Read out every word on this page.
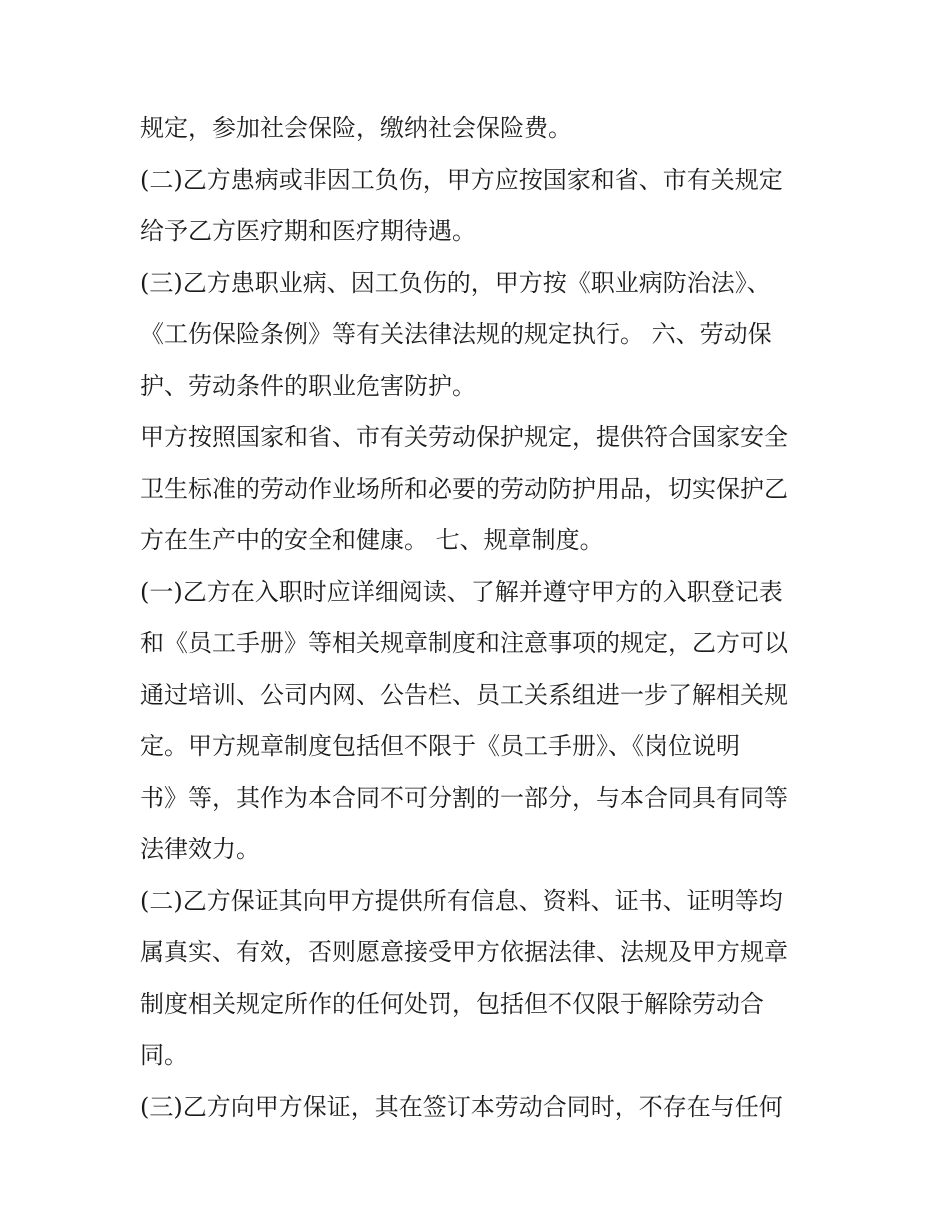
规定，参加社会保险，缴纳社会保险费。
(二)乙方患病或非因工负伤，甲方应按国家和省、市有关规定
给予乙方医疗期和医疗期待遇。
(三)乙方患职业病、因工负伤的，甲方按《职业病防治法》、
《工伤保险条例》等有关法律法规的规定执行。 六、劳动保
护、劳动条件的职业危害防护。
甲方按照国家和省、市有关劳动保护规定，提供符合国家安全
卫生标准的劳动作业场所和必要的劳动防护用品，切实保护乙
方在生产中的安全和健康。 七、规章制度。
(一)乙方在入职时应详细阅读、了解并遵守甲方的入职登记表
和《员工手册》等相关规章制度和注意事项的规定，乙方可以
通过培训、公司内网、公告栏、员工关系组进一步了解相关规
定。甲方规章制度包括但不限于《员工手册》、《岗位说明
书》等，其作为本合同不可分割的一部分，与本合同具有同等
法律效力。
(二)乙方保证其向甲方提供所有信息、资料、证书、证明等均
属真实、有效，否则愿意接受甲方依据法律、法规及甲方规章
制度相关规定所作的任何处罚，包括但不仅限于解除劳动合
同。
(三)乙方向甲方保证，其在签订本劳动合同时，不存在与任何
